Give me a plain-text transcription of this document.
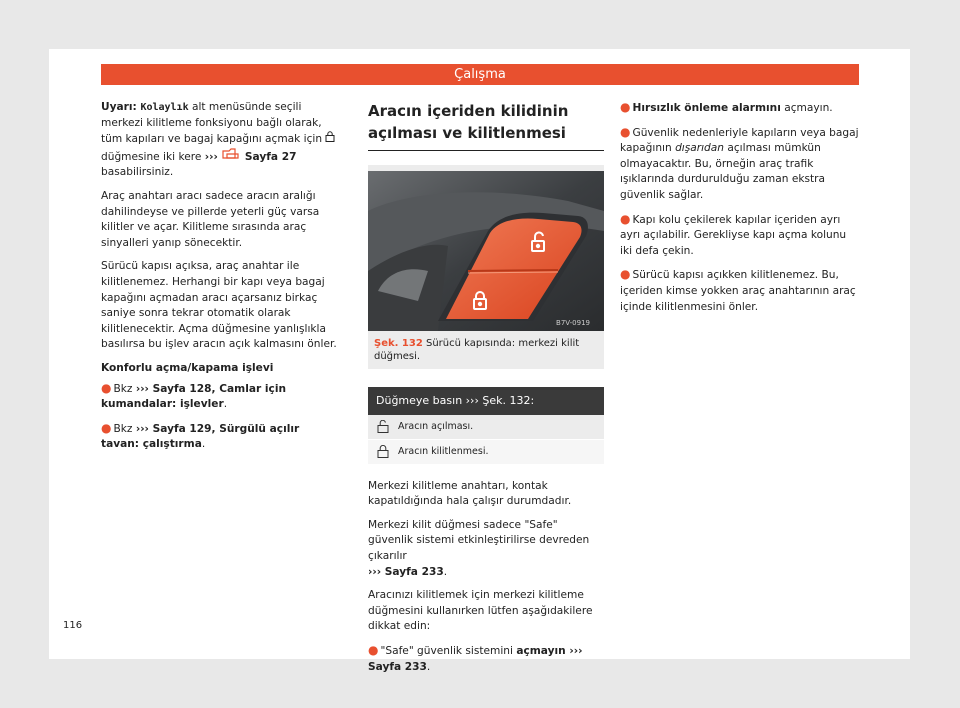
Çalışma

Uyarı: Kolaylık alt menüsünde seçili merkezi kilitleme fonksiyonu bağlı olarak, tüm kapıları ve bagaj kapağını açmak için  düğmesine iki kere ›››  Sayfa 27 basabilirsiniz.

Araç anahtarı aracı sadece aracın aralığı dahilindeyse ve pillerde yeterli güç varsa kilitler ve açar. Kilitleme sırasında araç sinyalleri yanıp sönecektir.

Sürücü kapısı açıksa, araç anahtar ile kilitlenemez. Herhangi bir kapı veya bagaj kapağını açmadan aracı açarsanız birkaç saniye sonra tekrar otomatik olarak kilitlenecektir. Açma düğmesine yanlışlıkla basılırsa bu işlev aracın açık kalmasını önler.

Konforlu açma/kapama işlevi

● Bkz ››› Sayfa 128, Camlar için kumandalar: işlevler.

● Bkz ››› Sayfa 129, Sürgülü açılır tavan: çalıştırma.

Aracın içeriden kilidinin açılması ve kilitlenmesi
B7V-0919
Şek. 132 Sürücü kapısında: merkezi kilit düğmesi.
Düğmeye basın ››› Şek. 132:
Aracın açılması.
Aracın kilitlenmesi.

Merkezi kilitleme anahtarı, kontak kapatıldığında hala çalışır durumdadır.

Merkezi kilit düğmesi sadece "Safe" güvenlik sistemi etkinleştirilirse devreden çıkarılır
››› Sayfa 233.

Aracınızı kilitlemek için merkezi kilitleme düğmesini kullanırken lütfen aşağıdakilere dikkat edin:

● "Safe" güvenlik sistemini açmayın ››› Sayfa 233.

● Hırsızlık önleme alarmını açmayın.

● Güvenlik nedenleriyle kapıların veya bagaj kapağının dışarıdan açılması mümkün olmayacaktır. Bu, örneğin araç trafik ışıklarında durdurulduğu zaman ekstra güvenlik sağlar.

● Kapı kolu çekilerek kapılar içeriden ayrı ayrı açılabilir. Gerekliyse kapı açma kolunu iki defa çekin.

● Sürücü kapısı açıkken kilitlenemez. Bu, içeriden kimse yokken araç anahtarının araç içinde kilitlenmesini önler.

116
